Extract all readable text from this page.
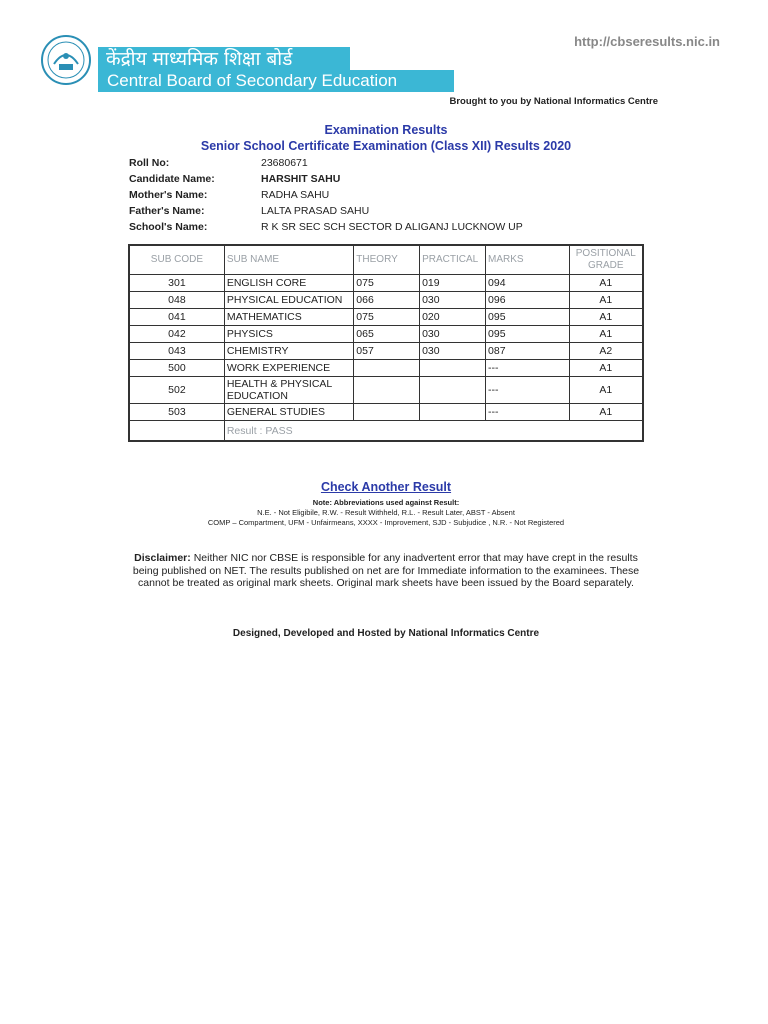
केंद्रीय माध्यमिक शिक्षा बोर्ड
Central Board of Secondary Education
http://cbseresults.nic.in
Brought to you by National Informatics Centre
Examination Results
Senior School Certificate Examination (Class XII) Results 2020
Roll No:	23680671
Candidate Name:	HARSHIT SAHU
Mother's Name:	RADHA SAHU
Father's Name:	LALTA PRASAD SAHU
School's Name:	R K SR SEC SCH SECTOR D ALIGANJ LUCKNOW UP
SUB CODE	SUB NAME	THEORY	PRACTICAL	MARKS	POSITIONAL GRADE
301	ENGLISH CORE	075	019	094	A1
048	PHYSICAL EDUCATION	066	030	096	A1
041	MATHEMATICS	075	020	095	A1
042	PHYSICS	065	030	095	A1
043	CHEMISTRY	057	030	087	A2
500	WORK EXPERIENCE			---	A1
502	HEALTH & PHYSICAL EDUCATION			---	A1
503	GENERAL STUDIES			---	A1
	Result : PASS				
Check Another Result
Note: Abbreviations used against Result:
N.E. - Not Eligibile, R.W. - Result Withheld, R.L. - Result Later, ABST - Absent
COMP – Compartment, UFM - Unfairmeans, XXXX - Improvement, SJD - Subjudice , N.R. - Not Registered
Disclaimer: Neither NIC nor CBSE is responsible for any inadvertent error that may have crept in the results being published on NET. The results published on net are for Immediate information to the examinees. These cannot be treated as original mark sheets. Original mark sheets have been issued by the Board separately.
Designed, Developed and Hosted by National Informatics Centre
